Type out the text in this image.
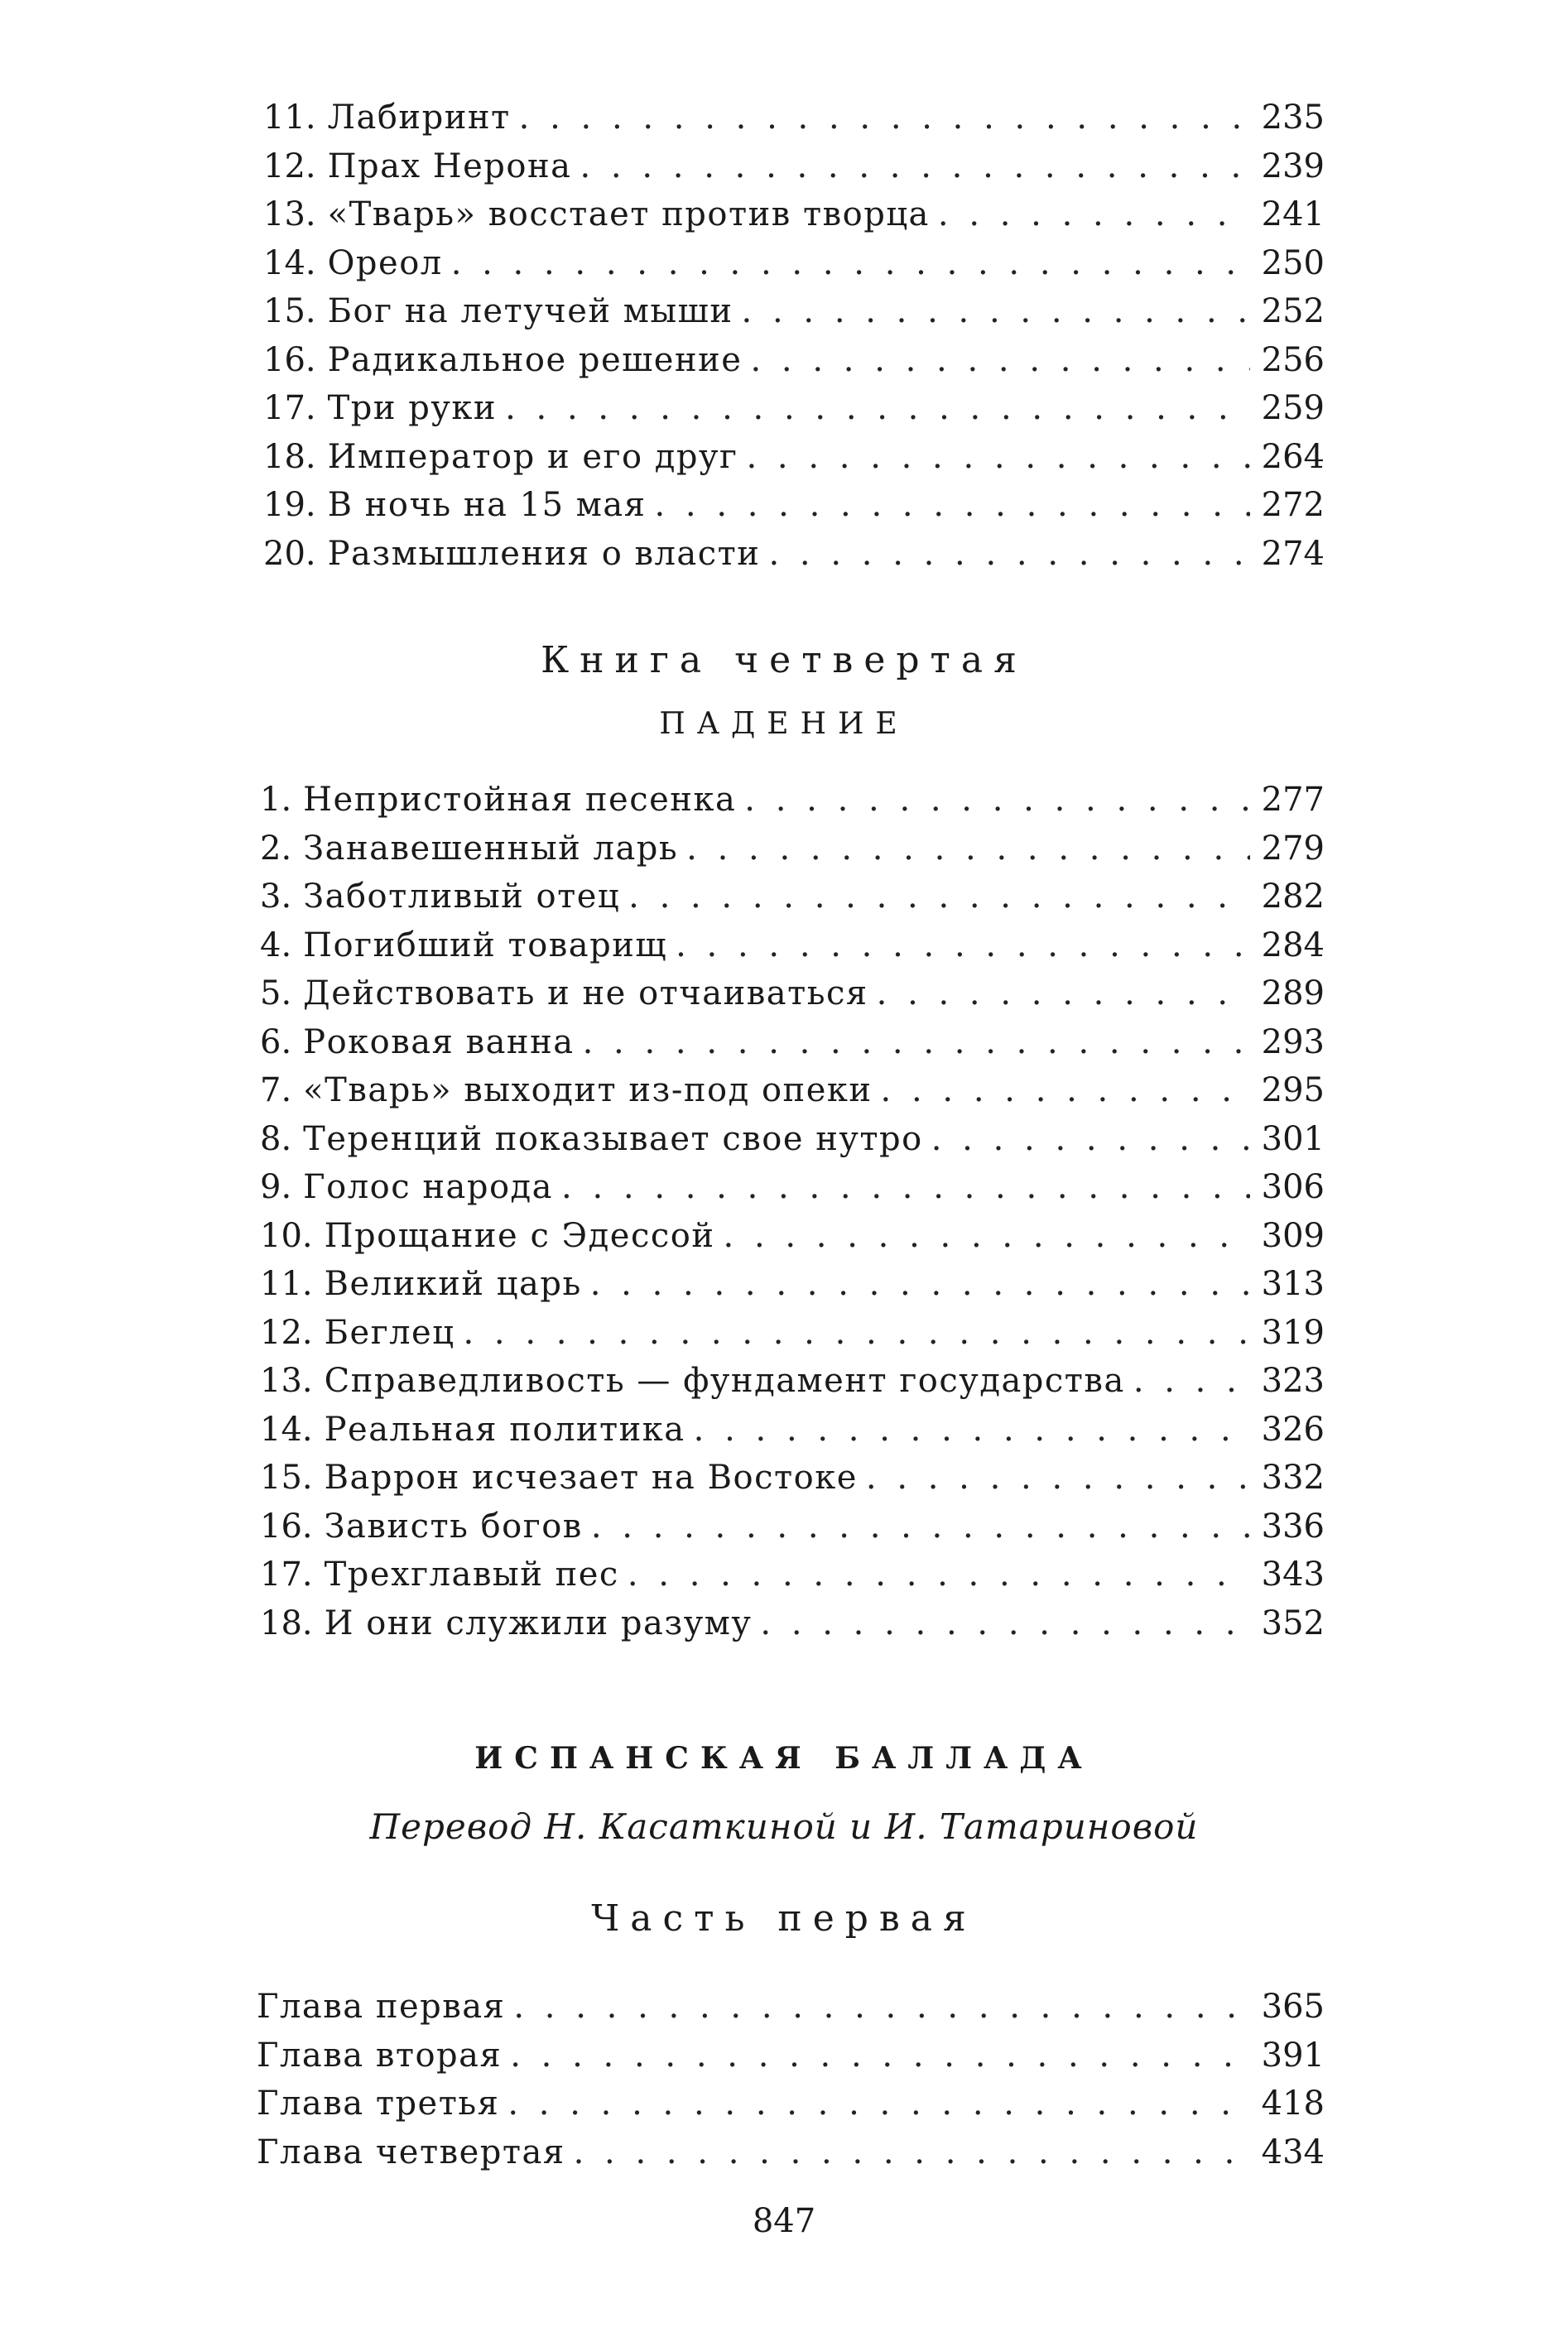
11. Лабиринт . . .	235
12. Прах Нерона . . .	239
13. «Тварь» восстает против творца . . .	241
14. Ореол . . .	250
15. Бог на летучей мыши . . .	252
16. Радикальное решение . . .	256
17. Три руки . . .	259
18. Император и его друг . . .	264
19. В ночь на 15 мая . . .	272
20. Размышления о власти . . .	274
Книга четвертая
ПАДЕНИЕ
1. Непристойная песенка . . .	277
2. Занавешенный ларь . . .	279
3. Заботливый отец . . .	282
4. Погибший товарищ . . .	284
5. Действовать и не отчаиваться . . .	289
6. Роковая ванна . . .	293
7. «Тварь» выходит из-под опеки . . .	295
8. Теренций показывает свое нутро . . .	301
9. Голос народа . . .	306
10. Прощание с Эдессой . . .	309
11. Великий царь . . .	313
12. Беглец . . .	319
13. Справедливость — фундамент государства . . .	323
14. Реальная политика . . .	326
15. Варрон исчезает на Востоке . . .	332
16. Зависть богов . . .	336
17. Трехглавый пес . . .	343
18. И они служили разуму . . .	352
ИСПАНСКАЯ БАЛЛАДА
Перевод Н. Касаткиной и И. Татариновой
Часть первая
Глава первая . . .	365
Глава вторая . . .	391
Глава третья . . .	418
Глава четвертая . . .	434
847
